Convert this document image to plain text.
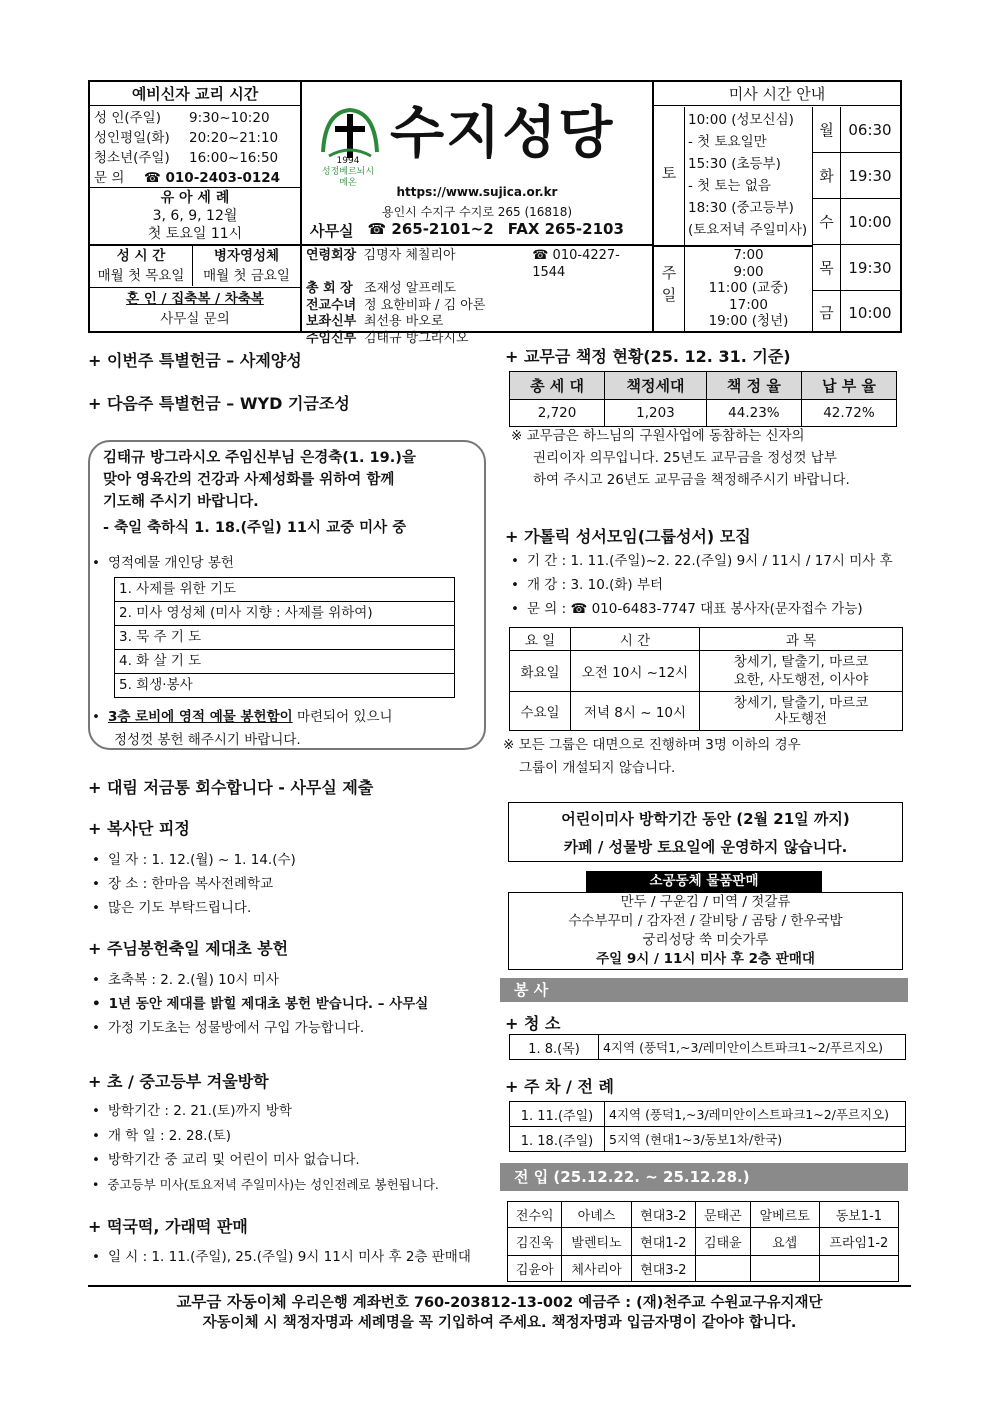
예비신자 교리 시간
성 인(주일)	9:30~10:20
성인평일(화)	20:20~21:10
청소년(주일)	16:00~16:50
문 의	☎ 010-2403-0124
유 아 세 례
3, 6, 9, 12월
첫 토요일 11시
성 시 간
매월 첫 목요일
병자영성체
매월 첫 금요일
혼 인 / 집축복 / 차축복
사무실 문의
1994
성정베르뇌시메온
수지성당
https://www.sujica.or.kr
용인시 수지구 수지로 265 (16818)
사무실 ☎ 265-2101~2 FAX 265-2103
연령회장 김명자 체칠리아	☎ 010-4227-1544
총 회 장 조재성 알프레도
전교수녀 정 요한비파 / 김 아론
보좌신부 최선용 바오로
주임신부 김태규 방그라시오
미사 시간 안내
토
10:00 (성모신심)
- 첫 토요일만
15:30 (초등부)
- 첫 토는 없음
18:30 (중고등부)
(토요저녁 주일미사)
주
일
7:00
9:00
11:00 (교중)
17:00
19:00 (청년)
월 06:30
화 19:30
수 10:00
목 19:30
금 10:00
+ 이번주 특별헌금 – 사제양성
+ 다음주 특별헌금 – WYD 기금조성
김태규 방그라시오 주임신부님 은경축(1. 19.)을
맞아 영육간의 건강과 사제성화를 위하여 함께
기도해 주시기 바랍니다.
- 축일 축하식 1. 18.(주일) 11시 교중 미사 중
• 영적예물 개인당 봉헌
1. 사제를 위한 기도
2. 미사 영성체 (미사 지향 : 사제를 위하여)
3. 묵 주 기 도
4. 화 살 기 도
5. 희생·봉사
• 3층 로비에 영적 예물 봉헌함이 마련되어 있으니
정성껏 봉헌 해주시기 바랍니다.
+ 대림 저금통 회수합니다 - 사무실 제출
+ 복사단 피정
• 일 자 : 1. 12.(월) ~ 1. 14.(수)
• 장 소 : 한마음 복사전례학교
• 많은 기도 부탁드립니다.
+ 주님봉헌축일 제대초 봉헌
• 초축복 : 2. 2.(월) 10시 미사
• 1년 동안 제대를 밝힐 제대초 봉헌 받습니다. – 사무실
• 가정 기도초는 성물방에서 구입 가능합니다.
+ 초 / 중고등부 겨울방학
• 방학기간 : 2. 21.(토)까지 방학
• 개 학 일 : 2. 28.(토)
• 방학기간 중 교리 및 어린이 미사 없습니다.
• 중고등부 미사(토요저녁 주일미사)는 성인전례로 봉헌됩니다.
+ 떡국떡, 가래떡 판매
• 일 시 : 1. 11.(주일), 25.(주일) 9시 11시 미사 후 2층 판매대
+ 교무금 책정 현황(25. 12. 31. 기준)
총 세 대	책정세대	책 정 율	납 부 율
2,720	1,203	44.23%	42.72%
※ 교무금은 하느님의 구원사업에 동참하는 신자의
권리이자 의무입니다. 25년도 교무금을 정성껏 납부
하여 주시고 26년도 교무금을 책정해주시기 바랍니다.
+ 가톨릭 성서모임(그룹성서) 모집
• 기 간 : 1. 11.(주일)~2. 22.(주일) 9시 / 11시 / 17시 미사 후
• 개 강 : 3. 10.(화) 부터
• 문 의 : ☎ 010-6483-7747 대표 봉사자(문자접수 가능)
요 일	시 간	과 목
화요일	오전 10시 ~12시	창세기, 탈출기, 마르코
요한, 사도행전, 이사야
수요일	저녁 8시 ~ 10시	창세기, 탈출기, 마르코
사도행전
※ 모든 그룹은 대면으로 진행하며 3명 이하의 경우
그룹이 개설되지 않습니다.
어린이미사 방학기간 동안 (2월 21일 까지)
카페 / 성물방 토요일에 운영하지 않습니다.
소공동체 물품판매
만두 / 구운김 / 미역 / 젓갈류
수수부꾸미 / 감자전 / 갈비탕 / 곰탕 / 한우국밥
궁리성당 쑥 미숫가루
주일 9시 / 11시 미사 후 2층 판매대
봉 사
+ 청 소
1. 8.(목)	4지역 (풍덕1,~3/레미안이스트파크1~2/푸르지오)
+ 주 차 / 전 례
1. 11.(주일)	4지역 (풍덕1,~3/레미안이스트파크1~2/푸르지오)
1. 18.(주일)	5지역 (현대1~3/동보1차/한국)
전 입 (25.12.22. ~ 25.12.28.)
전수익	아녜스	현대3-2	문태곤	알베르토	동보1-1
김진욱	발렌티노	현대1-2	김태윤	요셉	프라임1-2
김윤아	체사리아	현대3-2			
교무금 자동이체 우리은행 계좌번호 760-203812-13-002 예금주 : (재)천주교 수원교구유지재단
자동이체 시 책정자명과 세례명을 꼭 기입하여 주세요. 책정자명과 입금자명이 같아야 합니다.
